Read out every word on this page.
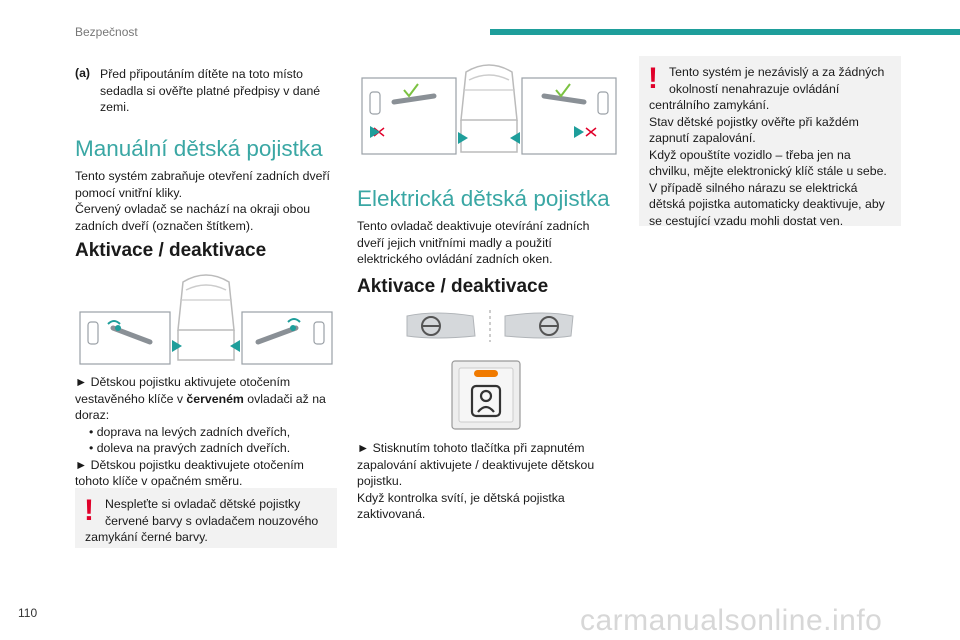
Bezpečnost
(a) Před připoutáním dítěte na toto místo sedadla si ověřte platné předpisy v dané zemi.

Manuální dětská pojistka

Tento systém zabraňuje otevření zadních dveří pomocí vnitřní kliky.

Červený ovladač se nachází na okraji obou zadních dveří (označen štítkem).

Aktivace / deaktivace

► Dětskou pojistku aktivujete otočením vestavěného klíče v červeném ovladači až na doraz:

• doprava na levých zadních dveřích,

• doleva na pravých zadních dveřích.

► Dětskou pojistku deaktivujete otočením tohoto klíče v opačném směru.

! Nespleťte si ovladač dětské pojistky červené barvy s ovladačem nouzového zamykání černé barvy.

Elektrická dětská pojistka

Tento ovladač deaktivuje otevírání zadních dveří jejich vnitřními madly a použití elektrického ovládání zadních oken.

Aktivace / deaktivace

► Stisknutím tohoto tlačítka při zapnutém zapalování aktivujete / deaktivujete dětskou pojistku.

Když kontrolka svítí, je dětská pojistka zaktivovaná.

! Tento systém je nezávislý a za žádných okolností nenahrazuje ovládání centrálního zamykání.

Stav dětské pojistky ověřte při každém zapnutí zapalování.

Když opouštíte vozidlo – třeba jen na chvilku, mějte elektronický klíč stále u sebe.

V případě silného nárazu se elektrická dětská pojistka automaticky deaktivuje, aby se cestující vzadu mohli dostat ven.

110	carmanualsonline.info
